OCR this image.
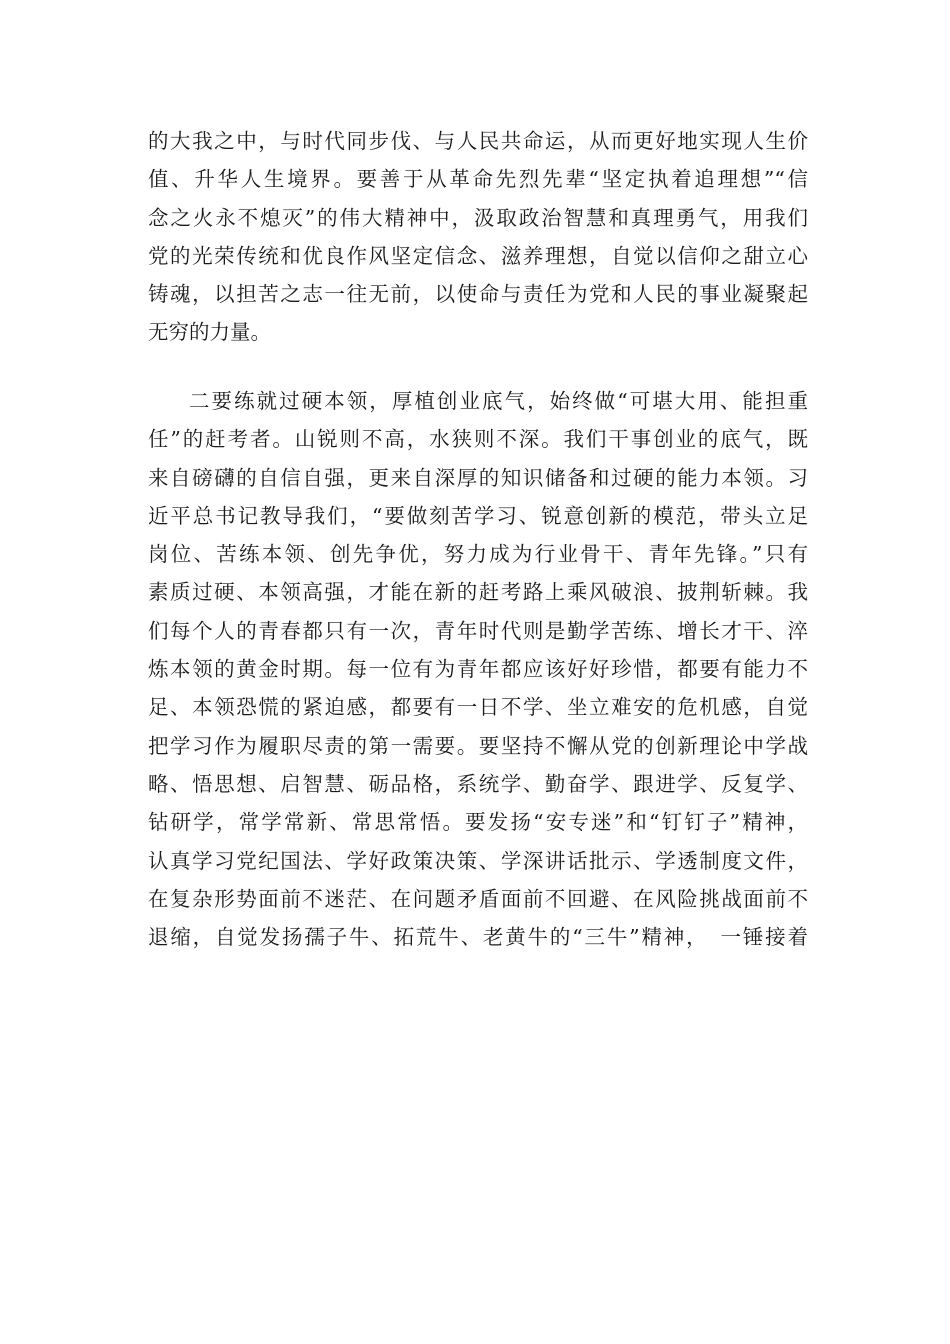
的大我之中，与时代同步伐、与人民共命运，从而更好地实现人生价
值、升华人生境界。要善于从革命先烈先辈“坚定执着追理想”“信
念之火永不熄灭”的伟大精神中，汲取政治智慧和真理勇气，用我们
党的光荣传统和优良作风坚定信念、滋养理想，自觉以信仰之甜立心
铸魂，以担苦之志一往无前，以使命与责任为党和人民的事业凝聚起
无穷的力量。
二要练就过硬本领，厚植创业底气，始终做“可堪大用、能担重
任”的赶考者。山锐则不高，水狭则不深。我们干事创业的底气，既
来自磅礴的自信自强，更来自深厚的知识储备和过硬的能力本领。习
近平总书记教导我们，“要做刻苦学习、锐意创新的模范，带头立足
岗位、苦练本领、创先争优，努力成为行业骨干、青年先锋。”只有
素质过硬、本领高强，才能在新的赶考路上乘风破浪、披荆斩棘。我
们每个人的青春都只有一次，青年时代则是勤学苦练、增长才干、淬
炼本领的黄金时期。每一位有为青年都应该好好珍惜，都要有能力不
足、本领恐慌的紧迫感，都要有一日不学、坐立难安的危机感，自觉
把学习作为履职尽责的第一需要。要坚持不懈从党的创新理论中学战
略、悟思想、启智慧、砺品格，系统学、勤奋学、跟进学、反复学、
钻研学，常学常新、常思常悟。要发扬“安专迷”和“钉钉子”精神，
认真学习党纪国法、学好政策决策、学深讲话批示、学透制度文件，
在复杂形势面前不迷茫、在问题矛盾面前不回避、在风险挑战面前不
退缩，自觉发扬孺子牛、拓荒牛、老黄牛的“三牛”精神，　一锤接着
